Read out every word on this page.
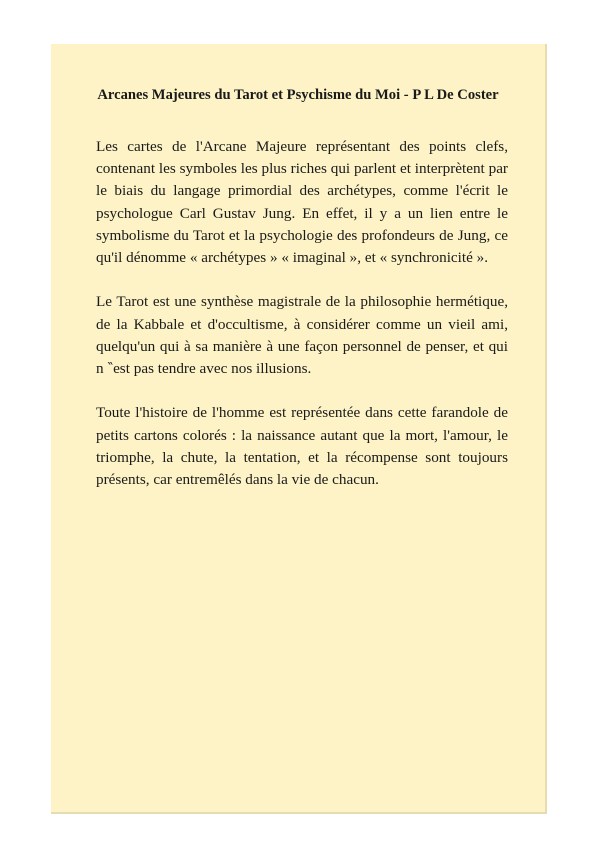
Arcanes Majeures du Tarot et Psychisme du Moi - P L De Coster

Les cartes de l'Arcane Majeure représentant des points clefs, contenant les symboles les plus riches qui parlent et interprètent par le biais du langage primordial des archétypes, comme l'écrit le psychologue Carl Gustav Jung. En effet, il y a un lien entre le symbolisme du Tarot et la psychologie des profondeurs de Jung, ce qu'il dénomme « archétypes » « imaginal », et « synchronicité ».

Le Tarot est une synthèse magistrale de la philosophie hermétique, de la Kabbale et d'occultisme, à considérer comme un vieil ami, quelqu'un qui à sa manière à une façon personnel de penser, et qui n ‶est pas tendre avec nos illusions.

Toute l'histoire de l'homme est représentée dans cette farandole de petits cartons colorés : la naissance autant que la mort, l'amour, le triomphe, la chute, la tentation, et la récompense sont toujours présents, car entremêlés dans la vie de chacun.
